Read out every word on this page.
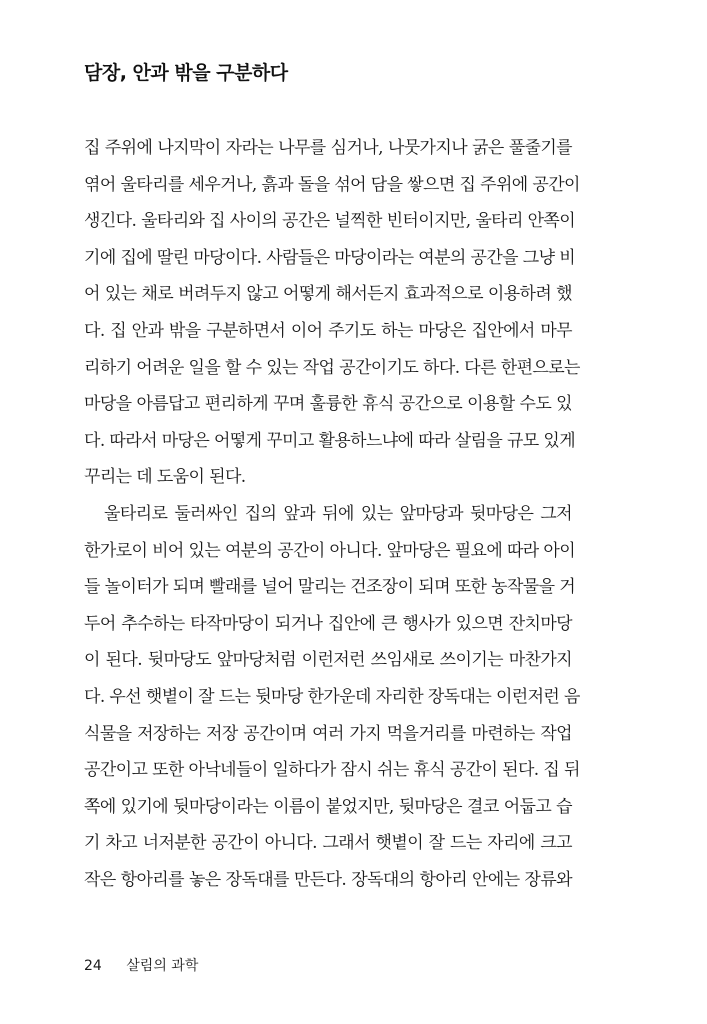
담장, 안과 밖을 구분하다
집 주위에 나지막이 자라는 나무를 심거나, 나뭇가지나 굵은 풀줄기를
엮어 울타리를 세우거나, 흙과 돌을 섞어 담을 쌓으면 집 주위에 공간이
생긴다. 울타리와 집 사이의 공간은 널찍한 빈터이지만, 울타리 안쪽이
기에 집에 딸린 마당이다. 사람들은 마당이라는 여분의 공간을 그냥 비
어 있는 채로 버려두지 않고 어떻게 해서든지 효과적으로 이용하려 했
다. 집 안과 밖을 구분하면서 이어 주기도 하는 마당은 집안에서 마무
리하기 어려운 일을 할 수 있는 작업 공간이기도 하다. 다른 한편으로는
마당을 아름답고 편리하게 꾸며 훌륭한 휴식 공간으로 이용할 수도 있
다. 따라서 마당은 어떻게 꾸미고 활용하느냐에 따라 살림을 규모 있게
꾸리는 데 도움이 된다.
울타리로 둘러싸인 집의 앞과 뒤에 있는 앞마당과 뒷마당은 그저
한가로이 비어 있는 여분의 공간이 아니다. 앞마당은 필요에 따라 아이
들 놀이터가 되며 빨래를 널어 말리는 건조장이 되며 또한 농작물을 거
두어 추수하는 타작마당이 되거나 집안에 큰 행사가 있으면 잔치마당
이 된다. 뒷마당도 앞마당처럼 이런저런 쓰임새로 쓰이기는 마찬가지
다. 우선 햇볕이 잘 드는 뒷마당 한가운데 자리한 장독대는 이런저런 음
식물을 저장하는 저장 공간이며 여러 가지 먹을거리를 마련하는 작업
공간이고 또한 아낙네들이 일하다가 잠시 쉬는 휴식 공간이 된다. 집 뒤
쪽에 있기에 뒷마당이라는 이름이 붙었지만, 뒷마당은 결코 어둡고 습
기 차고 너저분한 공간이 아니다. 그래서 햇볕이 잘 드는 자리에 크고
작은 항아리를 놓은 장독대를 만든다. 장독대의 항아리 안에는 장류와
24 살림의 과학
